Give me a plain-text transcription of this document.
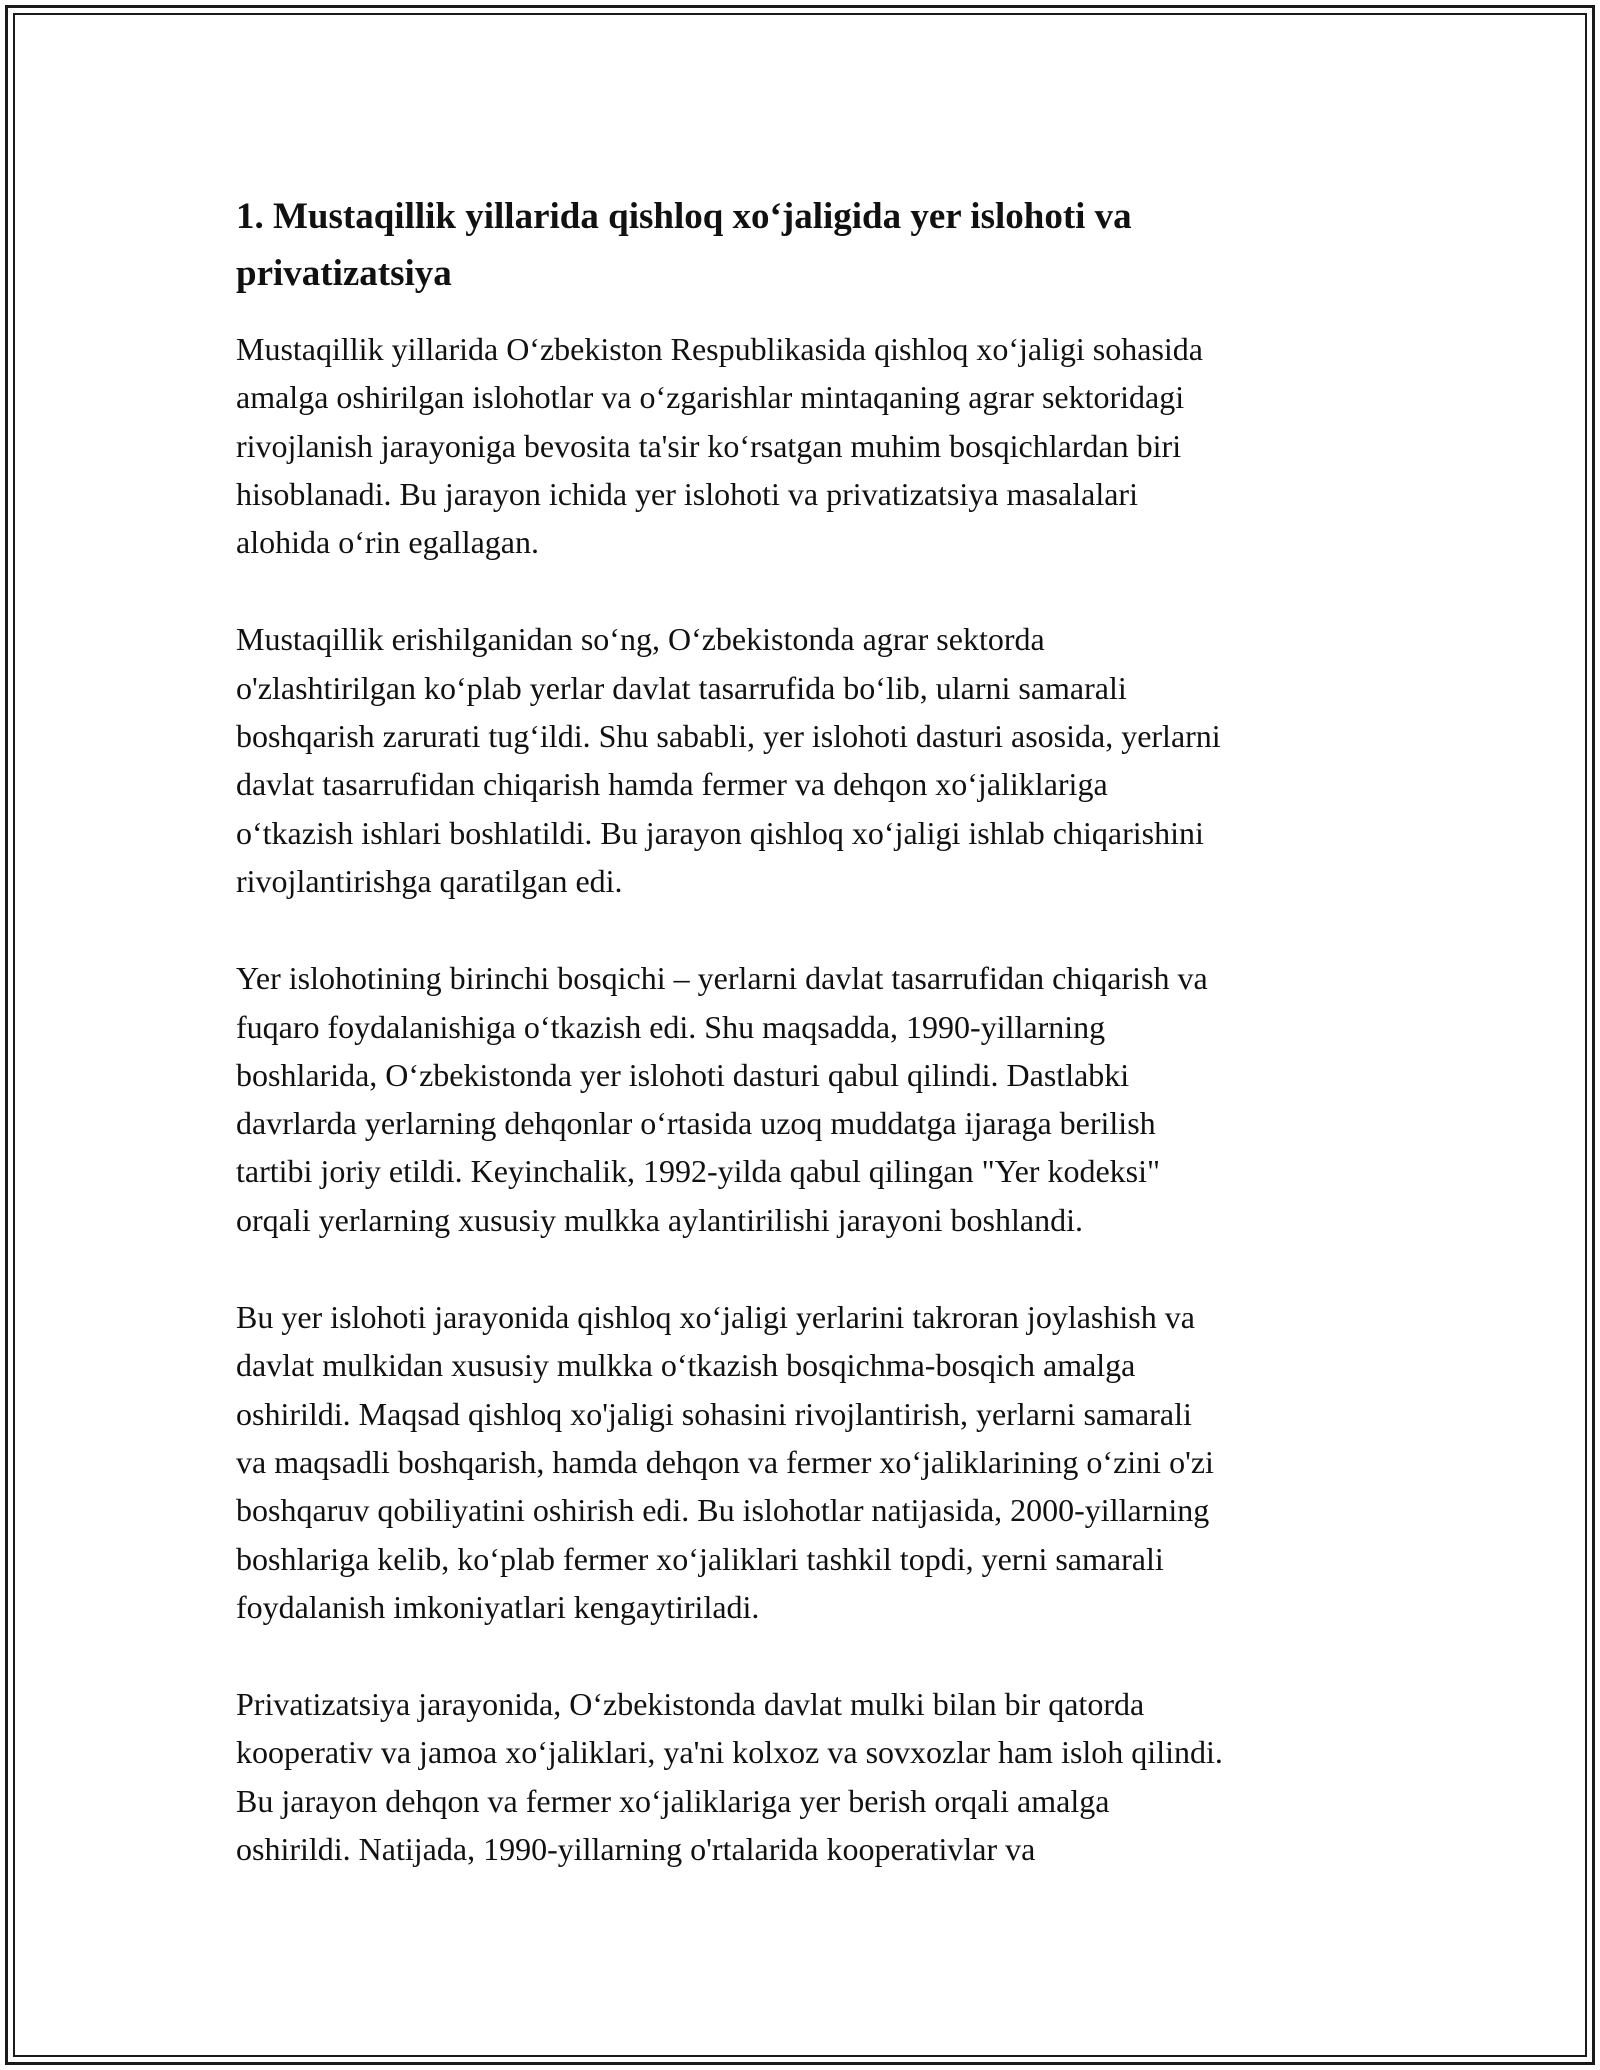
1. Mustaqillik yillarida qishloq xo‘jaligida yer islohoti va
privatizatsiya

Mustaqillik yillarida O‘zbekiston Respublikasida qishloq xo‘jaligi sohasida
amalga oshirilgan islohotlar va o‘zgarishlar mintaqaning agrar sektoridagi
rivojlanish jarayoniga bevosita ta'sir ko‘rsatgan muhim bosqichlardan biri
hisoblanadi. Bu jarayon ichida yer islohoti va privatizatsiya masalalari
alohida o‘rin egallagan.

Mustaqillik erishilganidan so‘ng, O‘zbekistonda agrar sektorda
o'zlashtirilgan ko‘plab yerlar davlat tasarrufida bo‘lib, ularni samarali
boshqarish zarurati tug‘ildi. Shu sababli, yer islohoti dasturi asosida, yerlarni
davlat tasarrufidan chiqarish hamda fermer va dehqon xo‘jaliklariga
o‘tkazish ishlari boshlatildi. Bu jarayon qishloq xo‘jaligi ishlab chiqarishini
rivojlantirishga qaratilgan edi.

Yer islohotining birinchi bosqichi – yerlarni davlat tasarrufidan chiqarish va
fuqaro foydalanishiga o‘tkazish edi. Shu maqsadda, 1990-yillarning
boshlarida, O‘zbekistonda yer islohoti dasturi qabul qilindi. Dastlabki
davrlarda yerlarning dehqonlar o‘rtasida uzoq muddatga ijaraga berilish
tartibi joriy etildi. Keyinchalik, 1992-yilda qabul qilingan "Yer kodeksi"
orqali yerlarning xususiy mulkka aylantirilishi jarayoni boshlandi.

Bu yer islohoti jarayonida qishloq xo‘jaligi yerlarini takroran joylashish va
davlat mulkidan xususiy mulkka o‘tkazish bosqichma-bosqich amalga
oshirildi. Maqsad qishloq xo'jaligi sohasini rivojlantirish, yerlarni samarali
va maqsadli boshqarish, hamda dehqon va fermer xo‘jaliklarining o‘zini o'zi
boshqaruv qobiliyatini oshirish edi. Bu islohotlar natijasida, 2000-yillarning
boshlariga kelib, ko‘plab fermer xo‘jaliklari tashkil topdi, yerni samarali
foydalanish imkoniyatlari kengaytiriladi.

Privatizatsiya jarayonida, O‘zbekistonda davlat mulki bilan bir qatorda
kooperativ va jamoa xo‘jaliklari, ya'ni kolxoz va sovxozlar ham isloh qilindi.
Bu jarayon dehqon va fermer xo‘jaliklariga yer berish orqali amalga
oshirildi. Natijada, 1990-yillarning o'rtalarida kooperativlar va
